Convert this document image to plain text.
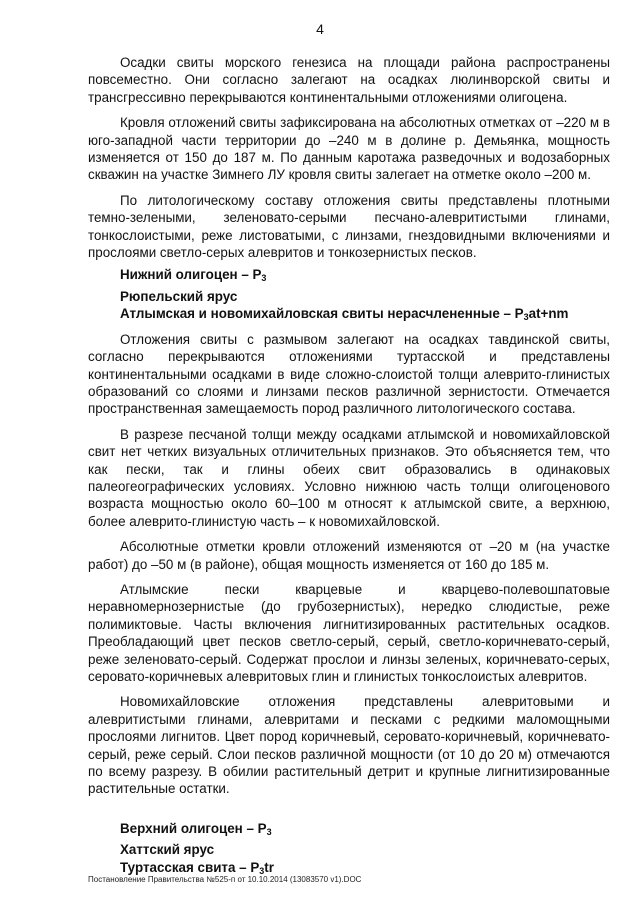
4

Осадки свиты морского генезиса на площади района распространены повсеместно. Они согласно залегают на осадках люлинворской свиты и трансгрессивно перекрываются континентальными отложениями олигоцена.

Кровля отложений свиты зафиксирована на абсолютных отметках от –220 м в юго-западной части территории до –240 м в долине р. Демьянка, мощность изменяется от 150 до 187 м. По данным каротажа разведочных и водозаборных скважин на участке Зимнего ЛУ кровля свиты залегает на отметке около –200 м.

По литологическому составу отложения свиты представлены плотными темно-зелеными, зеленовато-серыми песчано-алевритистыми глинами, тонкослоистыми, реже листоватыми, с линзами, гнездовидными включениями и прослоями светло-серых алевритов и тонкозернистых песков.

Нижний олигоцен – $Р_3$

Рюпельский ярус

Атлымская и новомихайловская свиты нерасчлененные – $Р_3at+nm$

Отложения свиты с размывом залегают на осадках тавдинской свиты, согласно перекрываются отложениями туртасской и представлены континентальными осадками в виде сложно-слоистой толщи алеврито-глинистых образований со слоями и линзами песков различной зернистости. Отмечается пространственная замещаемость пород различного литологического состава.

В разрезе песчаной толщи между осадками атлымской и новомихайловской свит нет четких визуальных отличительных признаков. Это объясняется тем, что как пески, так и глины обеих свит образовались в одинаковых палеогеографических условиях. Условно нижнюю часть толщи олигоценового возраста мощностью около 60–100 м относят к атлымской свите, а верхнюю, более алеврито-глинистую часть – к новомихайловской.

Абсолютные отметки кровли отложений изменяются от –20 м (на участке работ) до –50 м (в районе), общая мощность изменяется от 160 до 185 м.

Атлымские пески кварцевые и кварцево-полевошпатовые неравномернозернистые (до грубозернистых), нередко слюдистые, реже полимиктовые. Часты включения лигнитизированных растительных осадков. Преобладающий цвет песков светло-серый, серый, светло-коричневато-серый, реже зеленовато-серый. Содержат прослои и линзы зеленых, коричневато-серых, серовато-коричневых алевритовых глин и глинистых тонкослоистых алевритов.

Новомихайловские отложения представлены алевритовыми и алевритистыми глинами, алевритами и песками с редкими маломощными прослоями лигнитов. Цвет пород коричневый, серовато-коричневый, коричневато-серый, реже серый. Слои песков различной мощности (от 10 до 20 м) отмечаются по всему разрезу. В обилии растительный детрит и крупные лигнитизированные растительные остатки.

Верхний олигоцен – $Р_3$

Хаттский ярус

Туртасская свита – $Р_3tr$

Постановление Правительства №525-п от 10.10.2014 (13083570 v1).DOC
